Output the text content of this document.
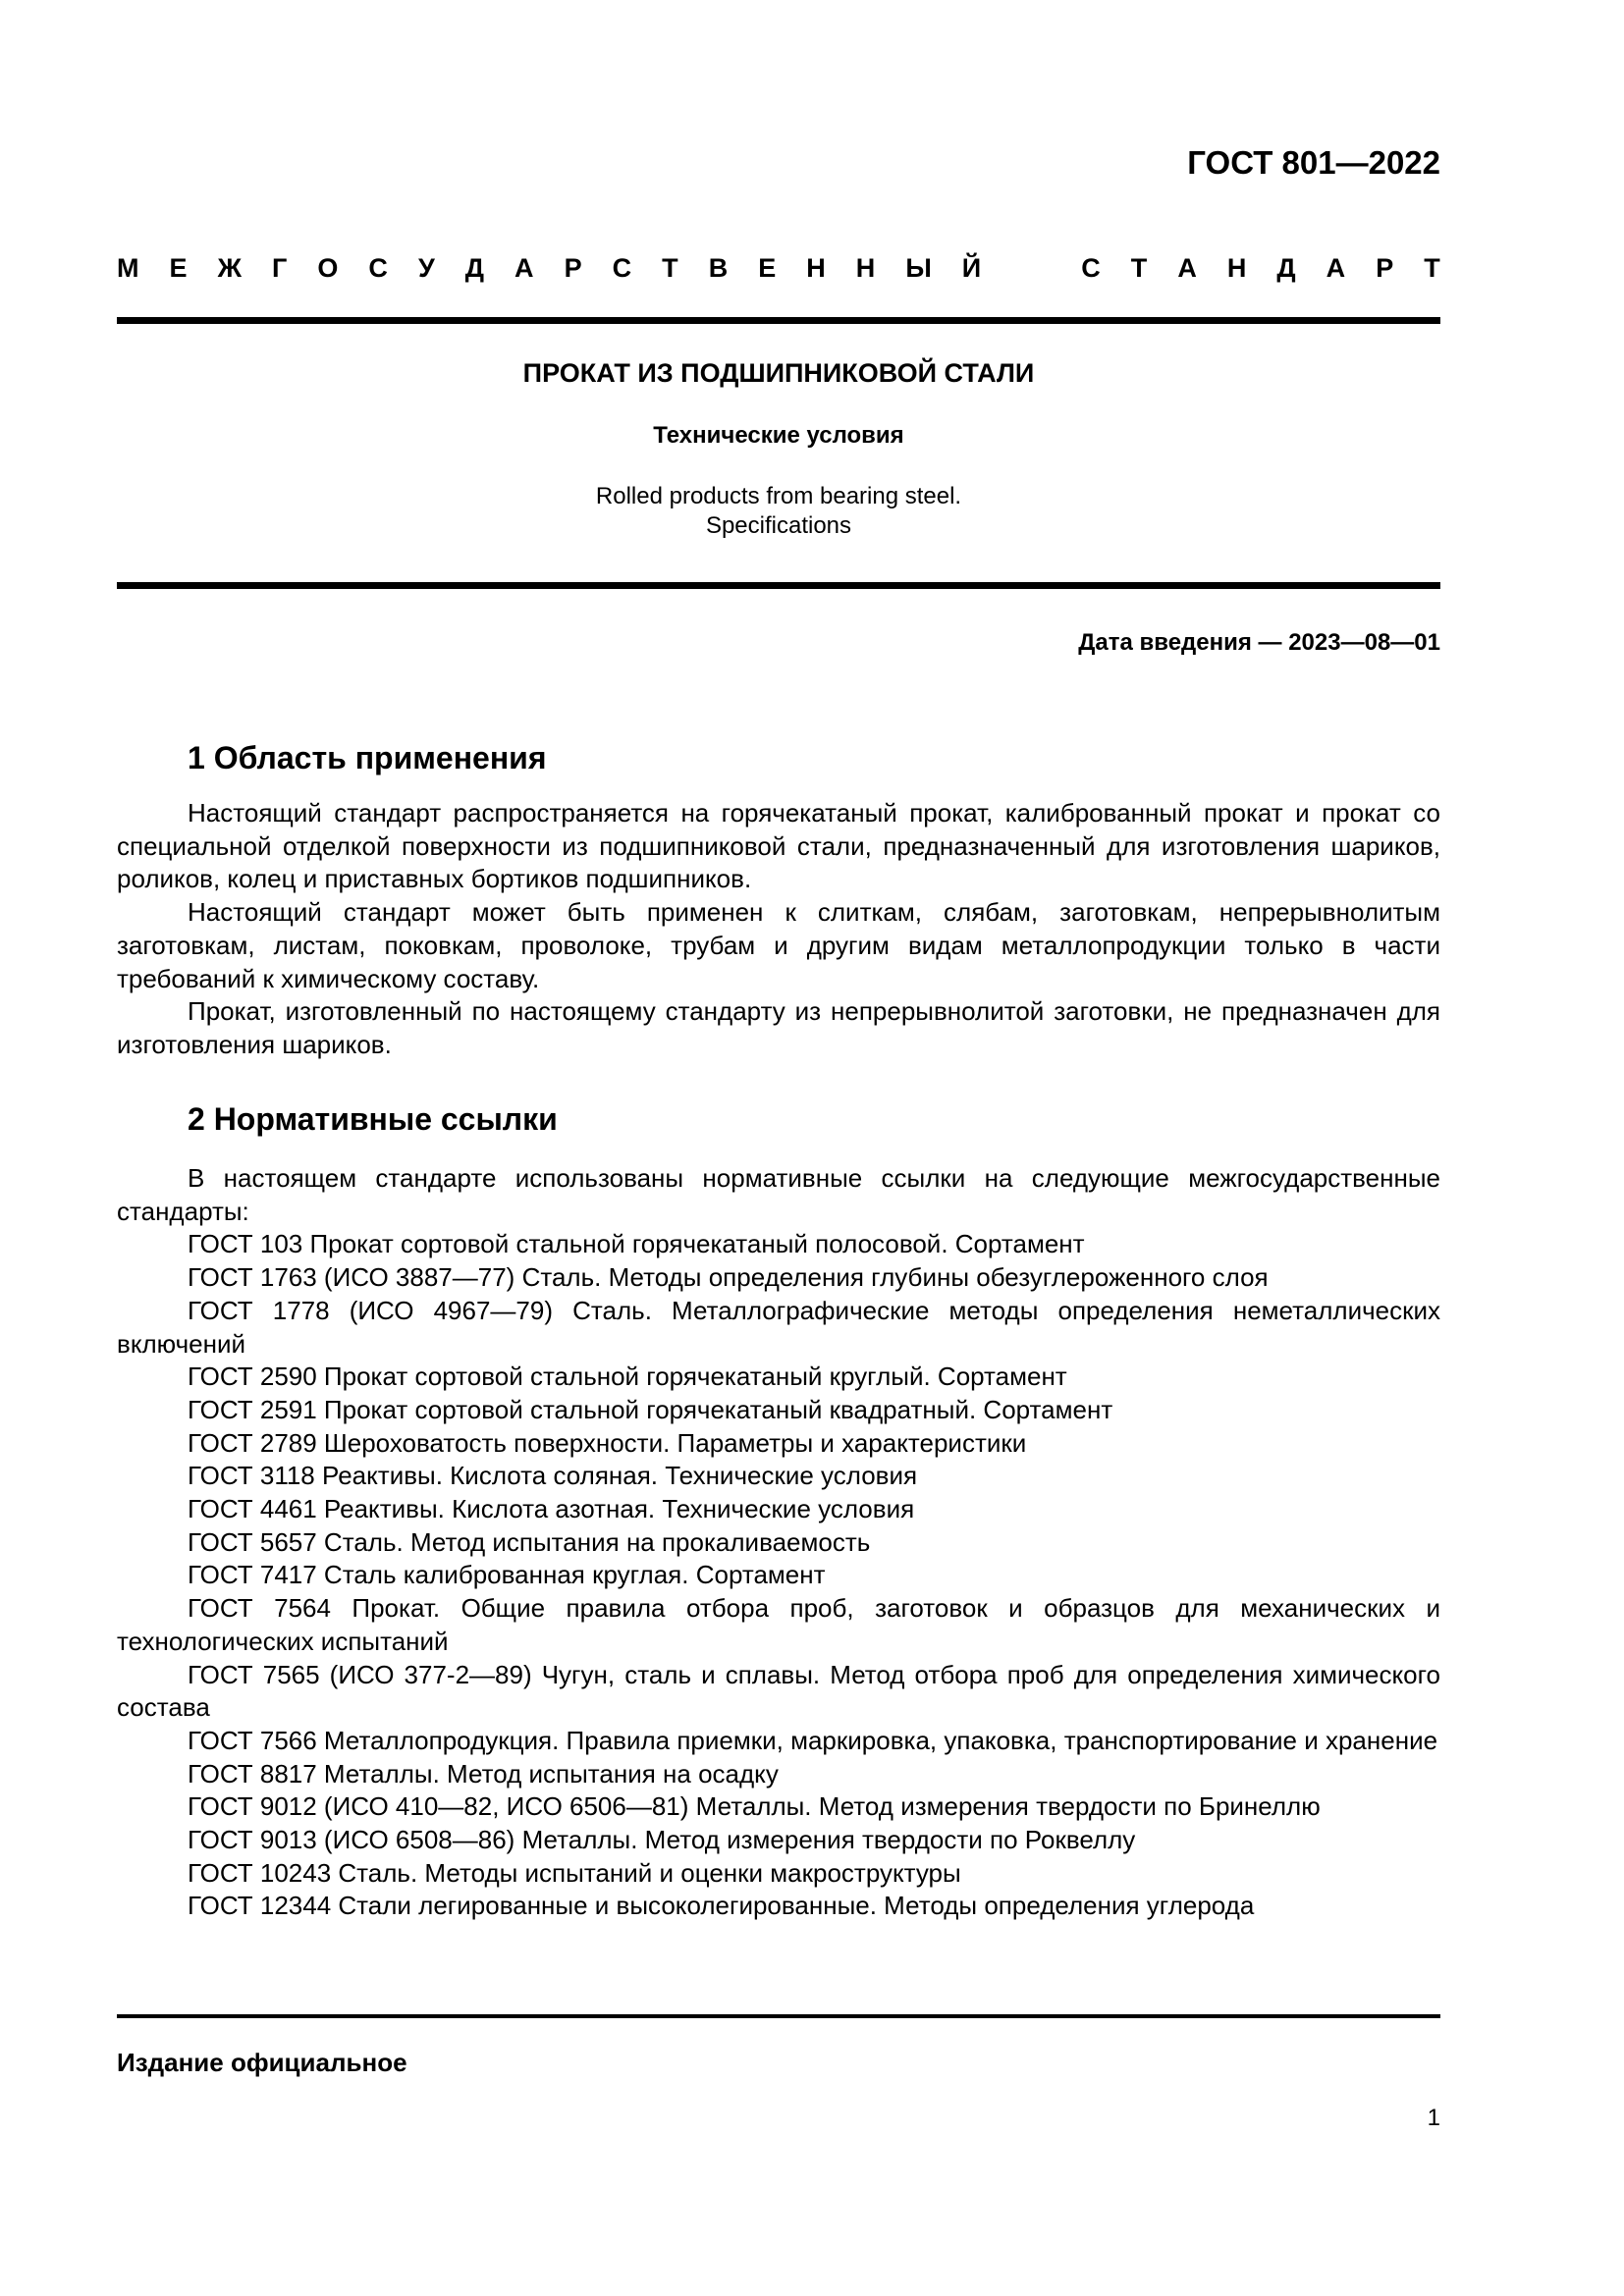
ГОСТ 801—2022
М Е Ж Г О С У Д А Р С Т В Е Н Н Ы Й	С Т А Н Д А Р Т
ПРОКАТ ИЗ ПОДШИПНИКОВОЙ СТАЛИ
Технические условия
Rolled products from bearing steel.
Specifications
Дата введения — 2023—08—01
1 Область применения

Настоящий стандарт распространяется на горячекатаный прокат, калиброванный прокат и прокат со специальной отделкой поверхности из подшипниковой стали, предназначенный для изготовления шариков, роликов, колец и приставных бортиков подшипников.

Настоящий стандарт может быть применен к слиткам, слябам, заготовкам, непрерывнолитым заготовкам, листам, поковкам, проволоке, трубам и другим видам металлопродукции только в части требований к химическому составу.

Прокат, изготовленный по настоящему стандарту из непрерывнолитой заготовки, не предназначен для изготовления шариков.

2 Нормативные ссылки
В настоящем стандарте использованы нормативные ссылки на следующие межгосударственные стандарты:
ГОСТ 103 Прокат сортовой стальной горячекатаный полосовой. Сортамент
ГОСТ 1763 (ИСО 3887—77) Сталь. Методы определения глубины обезуглероженного слоя
ГОСТ 1778 (ИСО 4967—79) Сталь. Металлографические методы определения неметаллических включений
ГОСТ 2590 Прокат сортовой стальной горячекатаный круглый. Сортамент
ГОСТ 2591 Прокат сортовой стальной горячекатаный квадратный. Сортамент
ГОСТ 2789 Шероховатость поверхности. Параметры и характеристики
ГОСТ 3118 Реактивы. Кислота соляная. Технические условия
ГОСТ 4461 Реактивы. Кислота азотная. Технические условия
ГОСТ 5657 Сталь. Метод испытания на прокаливаемость
ГОСТ 7417 Сталь калиброванная круглая. Сортамент
ГОСТ 7564 Прокат. Общие правила отбора проб, заготовок и образцов для механических и технологических испытаний
ГОСТ 7565 (ИСО 377-2—89) Чугун, сталь и сплавы. Метод отбора проб для определения химического состава
ГОСТ 7566 Металлопродукция. Правила приемки, маркировка, упаковка, транспортирование и хранение
ГОСТ 8817 Металлы. Метод испытания на осадку
ГОСТ 9012 (ИСО 410—82, ИСО 6506—81) Металлы. Метод измерения твердости по Бринеллю
ГОСТ 9013 (ИСО 6508—86) Металлы. Метод измерения твердости по Роквеллу
ГОСТ 10243 Сталь. Методы испытаний и оценки макроструктуры
ГОСТ 12344 Стали легированные и высоколегированные. Методы определения углерода
Издание официальное
1
